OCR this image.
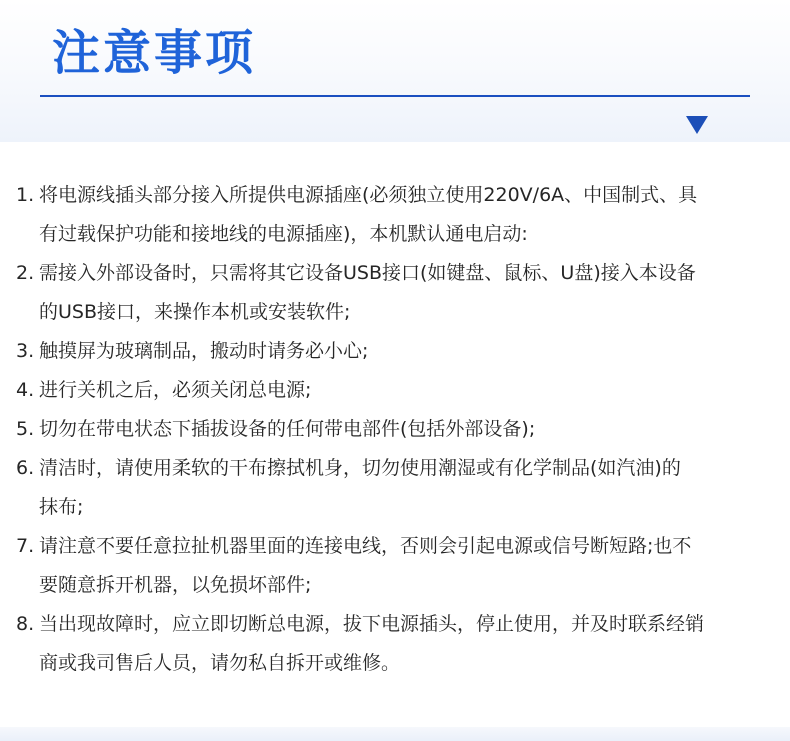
注意事项
1. 将电源线插头部分接入所提供电源插座(必须独立使用220V/6A、中国制式、具
有过载保护功能和接地线的电源插座)，本机默认通电启动:
2. 需接入外部设备时，只需将其它设备USB接口(如键盘、鼠标、U盘)接入本设备
的USB接口，来操作本机或安装软件;
3. 触摸屏为玻璃制品，搬动时请务必小心;
4. 进行关机之后，必须关闭总电源;
5. 切勿在带电状态下插拔设备的任何带电部件(包括外部设备);
6. 清洁时，请使用柔软的干布擦拭机身，切勿使用潮湿或有化学制品(如汽油)的
抹布;
7. 请注意不要任意拉扯机器里面的连接电线，否则会引起电源或信号断短路;也不
要随意拆开机器，以免损坏部件;
8. 当出现故障时，应立即切断总电源，拔下电源插头，停止使用，并及时联系经销
商或我司售后人员，请勿私自拆开或维修。
